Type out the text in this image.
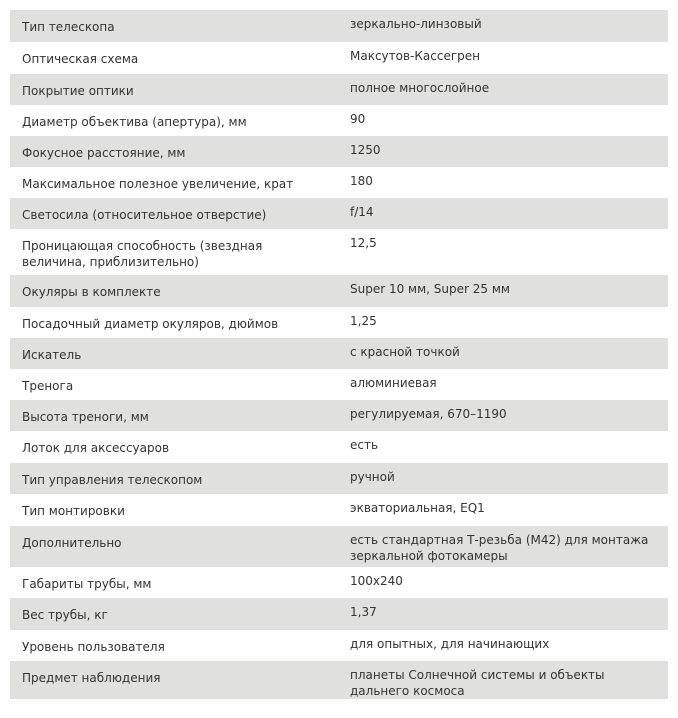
Тип телескопа	зеркально-линзовый
Оптическая схема	Максутов-Кассегрен
Покрытие оптики	полное многослойное
Диаметр объектива (апертура), мм	90
Фокусное расстояние, мм	1250
Максимальное полезное увеличение, крат	180
Светосила (относительное отверстие)	f/14
Проницающая способность (звездная величина, приблизительно)	12,5
Окуляры в комплекте	Super 10 мм, Super 25 мм
Посадочный диаметр окуляров, дюймов	1,25
Искатель	с красной точкой
Тренога	алюминиевая
Высота треноги, мм	регулируемая, 670–1190
Лоток для аксессуаров	есть
Тип управления телескопом	ручной
Тип монтировки	экваториальная, EQ1
Дополнительно	есть стандартная Т-резьба (M42) для монтажа зеркальной фотокамеры
Габариты трубы, мм	100x240
Вес трубы, кг	1,37
Уровень пользователя	для опытных, для начинающих
Предмет наблюдения	планеты Солнечной системы и объекты дальнего космоса
